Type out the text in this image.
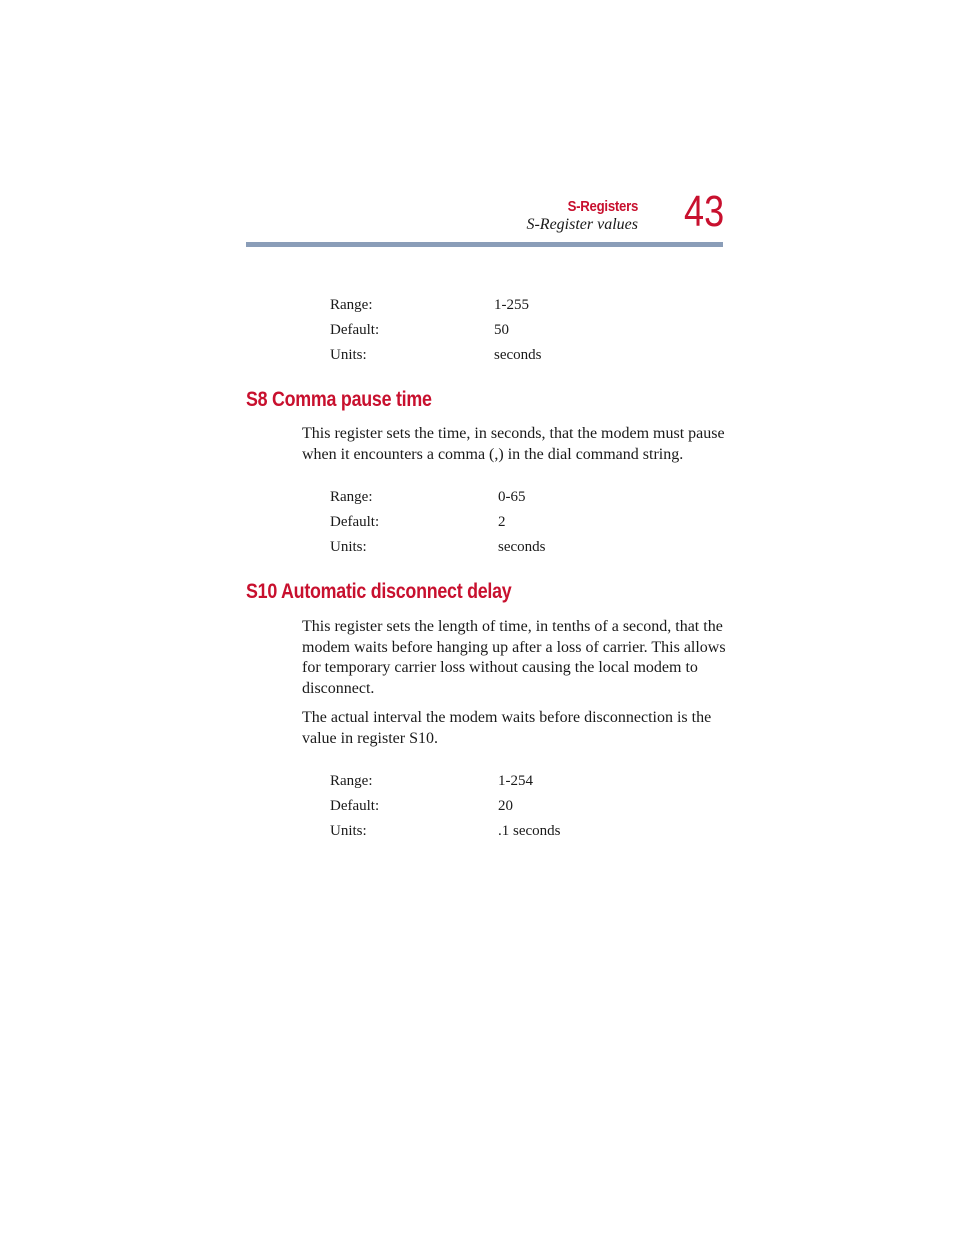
S-Registers
S-Register values 43
Range:	1-255
Default:	50
Units:	seconds
S8 Comma pause time

This register sets the time, in seconds, that the modem must pause when it encounters a comma (,) in the dial command string.

Range:	0-65
Default:	2
Units:	seconds
S10 Automatic disconnect delay

This register sets the length of time, in tenths of a second, that the modem waits before hanging up after a loss of carrier. This allows for temporary carrier loss without causing the local modem to disconnect.

The actual interval the modem waits before disconnection is the value in register S10.

Range:	1-254
Default:	20
Units:	.1 seconds
